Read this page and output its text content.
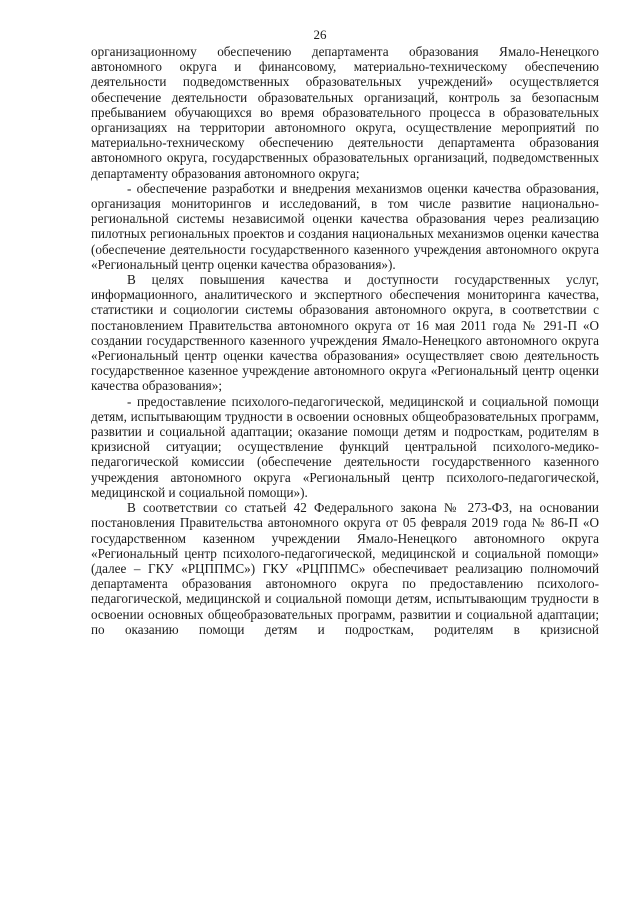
26

организационному обеспечению департамента образования Ямало-Ненецкого автономного округа и финансовому, материально-техническому обеспечению деятельности подведомственных образовательных учреждений» осуществляется обеспечение деятельности образовательных организаций, контроль за безопасным пребыванием обучающихся во время образовательного процесса в образовательных организациях на территории автономного округа, осуществление мероприятий по материально-техническому обеспечению деятельности департамента образования автономного округа, государственных образовательных организаций, подведомственных департаменту образования автономного округа;

- обеспечение разработки и внедрения механизмов оценки качества образования, организация мониторингов и исследований, в том числе развитие национально-региональной системы независимой оценки качества образования через реализацию пилотных региональных проектов и создания национальных механизмов оценки качества (обеспечение деятельности государственного казенного учреждения автономного округа «Региональный центр оценки качества образования»).

В целях повышения качества и доступности государственных услуг, информационного, аналитического и экспертного обеспечения мониторинга качества, статистики и социологии системы образования автономного округа, в соответствии с постановлением Правительства автономного округа от 16 мая 2011 года № 291-П «О создании государственного казенного учреждения Ямало-Ненецкого автономного округа «Региональный центр оценки качества образования» осуществляет свою деятельность государственное казенное учреждение автономного округа «Региональный центр оценки качества образования»;

- предоставление психолого-педагогической, медицинской и социальной помощи детям, испытывающим трудности в освоении основных общеобразовательных программ, развитии и социальной адаптации; оказание помощи детям и подросткам, родителям в кризисной ситуации; осуществление функций центральной психолого-медико-педагогической комиссии (обеспечение деятельности государственного казенного учреждения автономного округа «Региональный центр психолого-педагогической, медицинской и социальной помощи»).

В соответствии со статьей 42 Федерального закона № 273-ФЗ, на основании постановления Правительства автономного округа от 05 февраля 2019 года № 86-П «О государственном казенном учреждении Ямало-Ненецкого автономного округа «Региональный центр психолого-педагогической, медицинской и социальной помощи» (далее – ГКУ «РЦППМС») ГКУ «РЦППМС» обеспечивает реализацию полномочий департамента образования автономного округа по предоставлению психолого-педагогической, медицинской и социальной помощи детям, испытывающим трудности в освоении основных общеобразовательных программ, развитии и социальной адаптации; по оказанию помощи детям и подросткам, родителям в кризисной
